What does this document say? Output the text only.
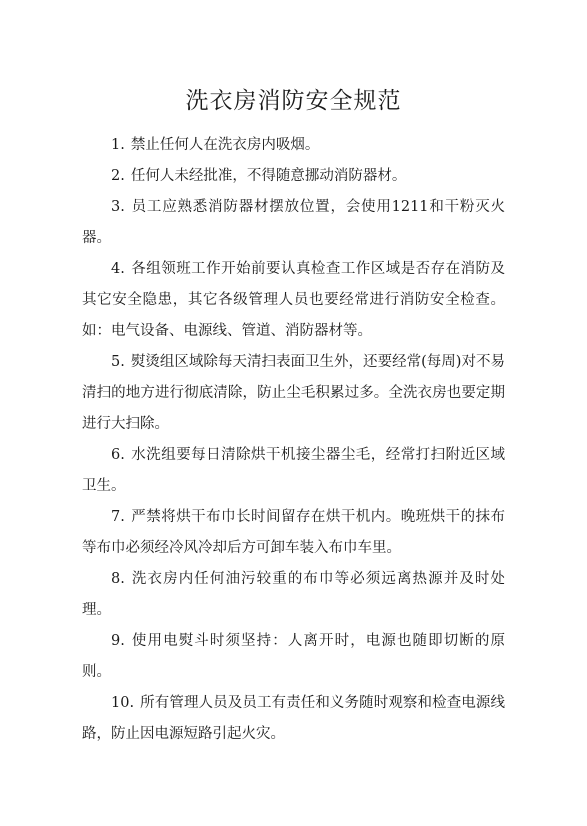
洗衣房消防安全规范

1. 禁止任何人在洗衣房内吸烟。

2. 任何人未经批准，不得随意挪动消防器材。

3. 员工应熟悉消防器材摆放位置，会使用1211和干粉灭火器。

4. 各组领班工作开始前要认真检查工作区域是否存在消防及其它安全隐患，其它各级管理人员也要经常进行消防安全检查。如：电气设备、电源线、管道、消防器材等。

5. 熨烫组区域除每天清扫表面卫生外，还要经常(每周)对不易清扫的地方进行彻底清除，防止尘毛积累过多。全洗衣房也要定期进行大扫除。

6. 水洗组要每日清除烘干机接尘器尘毛，经常打扫附近区域卫生。

7. 严禁将烘干布巾长时间留存在烘干机内。晚班烘干的抹布等布巾必须经冷风冷却后方可卸车装入布巾车里。

8. 洗衣房内任何油污较重的布巾等必须远离热源并及时处理。

9. 使用电熨斗时须坚持：人离开时，电源也随即切断的原则。

10. 所有管理人员及员工有责任和义务随时观察和检查电源线路，防止因电源短路引起火灾。
